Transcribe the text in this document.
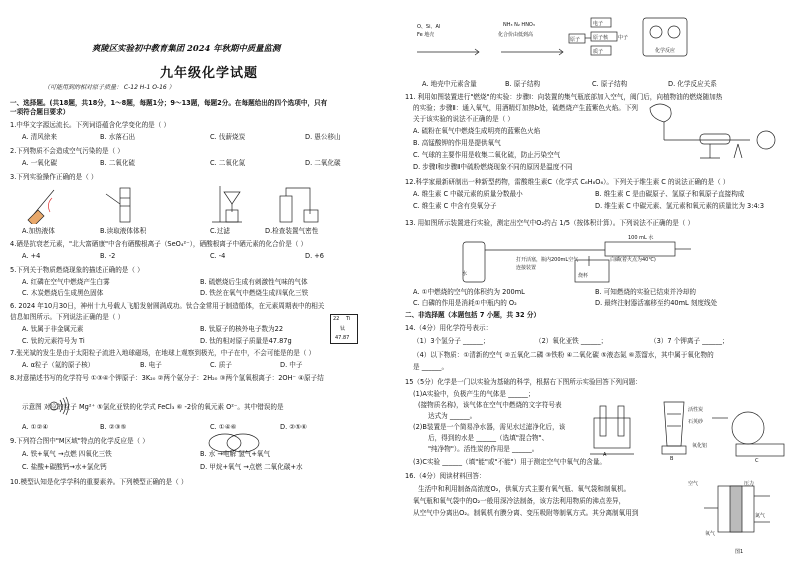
爽陵区实验初中教育集团 2024 年秋期中质量监测
九年级化学试题
（可能用到的相对原子质量： C-12 H-1 O-16 ）
一、选择题。(共18题，共18分，1～8题，每题1分；9～13题，每题2分。在每题给出的四个选项中，只有
一项符合题目要求）
1.中华文字源远流长。下列词语蕴含化学变化的是（ ）
A. 清风徐来	B. 水落石出	C. 伐薪烧炭	D. 愚公移山
2.下列物质不会造成空气污染的是（ ）
A. 一氧化碳	B. 二氧化硫	C. 二氧化氮	D. 二氧化碳
3.下列实验操作正确的是（ ）
A.加热液体	B.读取液体体积	C.过滤	D.检查装置气密性
4.硒是抗衰老元素，"北大富硒康"中含有硒酸根离子（SeO₄²⁻），硒酸根离子中硒元素的化合价是（ ）
A. +4	B. -2	C. -4	D. +6
5.下列关于物质燃烧现象的描述正确的是（ ）
A. 红磷在空气中燃烧产生白雾	B. 硫燃烧后生成有刺激性气味的气体
C. 木炭燃烧后生成黑色固体	D. 铁丝在氧气中燃烧生成四氧化三铁
6. 2024 年10月30日，神州十九号载人飞船发射圆满成功。钛合金常用于制造船体，在元素周期表中的相关
信息如图所示。下列说法正确的是（ ）
A. 钛属于非金属元素	B. 钛原子的核外电子数为22
C. 钛的元素符号为 Ti	D. 钛的相对原子质量是47.87g
22 Ti
钛
47.87
7.张光斌的发生是由于太阳粒子流进入地球磁场，在地球上观察到极光，中子在中，不会可能是的是（ ）
A. α粒子（氦的原子核）	B. 电子	C. 质子	D. 中子
8.对意描述书写的化学符号 ①③④个钾原子：3K₂₀ ②两个氨分子：2H₂₀ ③两个氢氧根离子：2OH⁻ ④原子结
示意图 对应的粒子 Mg²⁺ ⑤氯化亚铁的化学式 FeCl₃ ⑥ -2价的氧元素 O²⁻。其中错误的是
A. ①②④	B. ②③⑤	C. ①④⑥	D. ②⑤⑥
9.下列符合图中"M区域"特点的化学反应是（ ）
A. 铁+氧气 →点燃 四氧化三铁	B. 水 →电解 氢气+氧气
C. 盐酸+碳酸钙→水+氯化钙	D. 甲烷+氧气 →点燃 二氧化碳+水
10.模型认知是化学学科的重要素养。下列模型正确的是（ ）
O、Si、Al
Fe 地壳
NH₃ N₂ HNO₃
化合价由低到高
原子	原子核
电子
质子
中子
化学反应
A. 地壳中元素含量	B. 原子结构	C. 原子结构	D. 化学反应关系
11. 利用如图装置进行"燃烧"的实验：步骤Ⅰ：向装置的集气瓶底部加入空气，阀门后，向植物油的燃烧随加热
的实验；步骤Ⅱ：通入氧气，用酒精灯加热b处，硫燃烧产生蓝紫色火焰。下列
关于该实验的说法不正确的是（ ）
A. 硫粉在氧气中燃烧生成明亮的蓝紫色火焰
B. 高锰酸钾的作用是提供氧气
C. 气球的主要作用是收集二氧化硫，防止污染空气
D. 步骤Ⅰ和步骤Ⅱ中硫粉燃烧现象不同的原因是温度不同
12.科学家最新研制出一种新型药物，雷酸维生素C（化学式 C₆H₈O₆）。下列关于维生素 C 的说法正确的是（ ）
A. 维生素 C 中碳元素的质量分数最小	B. 维生素 C 是由碳原子、氢原子和氧原子直接构成
C. 维生素 C 中含有臭氧分子	D. 维生素 C 中碳元素、氢元素和氧元素的质量比为 3:4:3
13. 用如图所示装置进行实验，测定出空气中O₂约占 1/5（按体积计算）。下列说法不正确的是（ ）
100 mL 水
打开活塞，瓶内200mL空气
连接装置
白磷(着火点为40℃)
水	烧杯
A. ①中燃烧的空气的体积约为 200mL	B. 可知燃烧的实验已结束并冷却的
C. 白磷的作用是消耗①中瓶内的 O₂	D. 最终注射器活塞移至约40mL 刻度线处
二、非选择题（本题包括 7 小题，共 32 分）
14.（4分）用化学符号表示：
（1）3个氢分子 ______；	（2）氧化亚铁 ______；	（3）7 个钾离子 ______；
（4）以下物质：①清新的空气 ②五氧化二磷 ③铁粉 ④二氧化碳 ⑤液态氮 ⑥蒸馏水，其中属于氧化物的
是 ______。
15（5分）化学是一门以实验为基础的科学，根据右下图所示实验回答下列问题：
(1)A实验中，负极产生的气体是 ______；
(接物质名称)，该气体在空气中燃烧的文字符号表
达式为 ______。
(2)B装置是一个简易净水器，需见水过滤净化后，该
后，得到的水是 ______（选填"混合物"、
"纯净物"）。活性炭的作用是 ______。
(3)C实验 ______（填"能"或"不能"）用于测定空气中氧气的含量。
A
B	C
氧化铝
活性炭
石英砂
16.（4分）阅读材料回答：
生活中和利用制备高浓度O₂，供氧方式主要有氧气瓶、氧气袋和制氧机。
氧气瓶和氧气袋中的O₂一般用深冷法制备，该方法利用物质的沸点差异，
从空气中分离出O₂。制氧机有膜分离、变压吸附等制氧方式。其分离制氧用到
空气	压力
氮气
氧气
图1
